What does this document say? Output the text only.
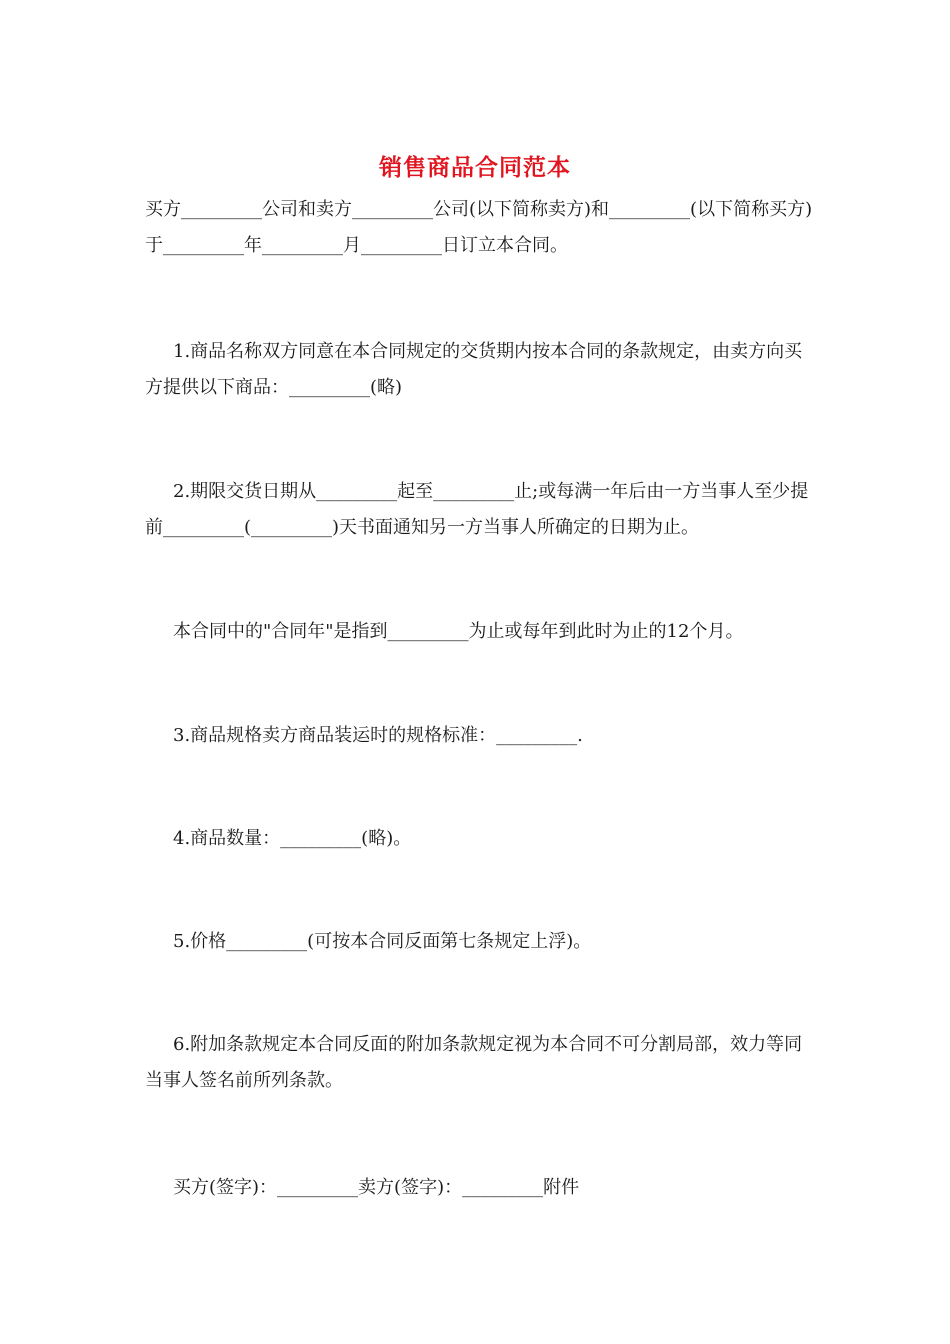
销售商品合同范本
买方_________公司和卖方_________公司(以下简称卖方)和_________(以下简称买方)于_________年_________月_________日订立本合同。
1.商品名称双方同意在本合同规定的交货期内按本合同的条款规定，由卖方向买方提供以下商品：_________(略)
2.期限交货日期从_________起至_________止;或每满一年后由一方当事人至少提前_________(_________)天书面通知另一方当事人所确定的日期为止。
本合同中的"合同年"是指到_________为止或每年到此时为止的12个月。
3.商品规格卖方商品装运时的规格标准：_________.
4.商品数量：_________(略)。
5.价格_________(可按本合同反面第七条规定上浮)。
6.附加条款规定本合同反面的附加条款规定视为本合同不可分割局部，效力等同当事人签名前所列条款。
买方(签字)：_________卖方(签字)：_________附件
